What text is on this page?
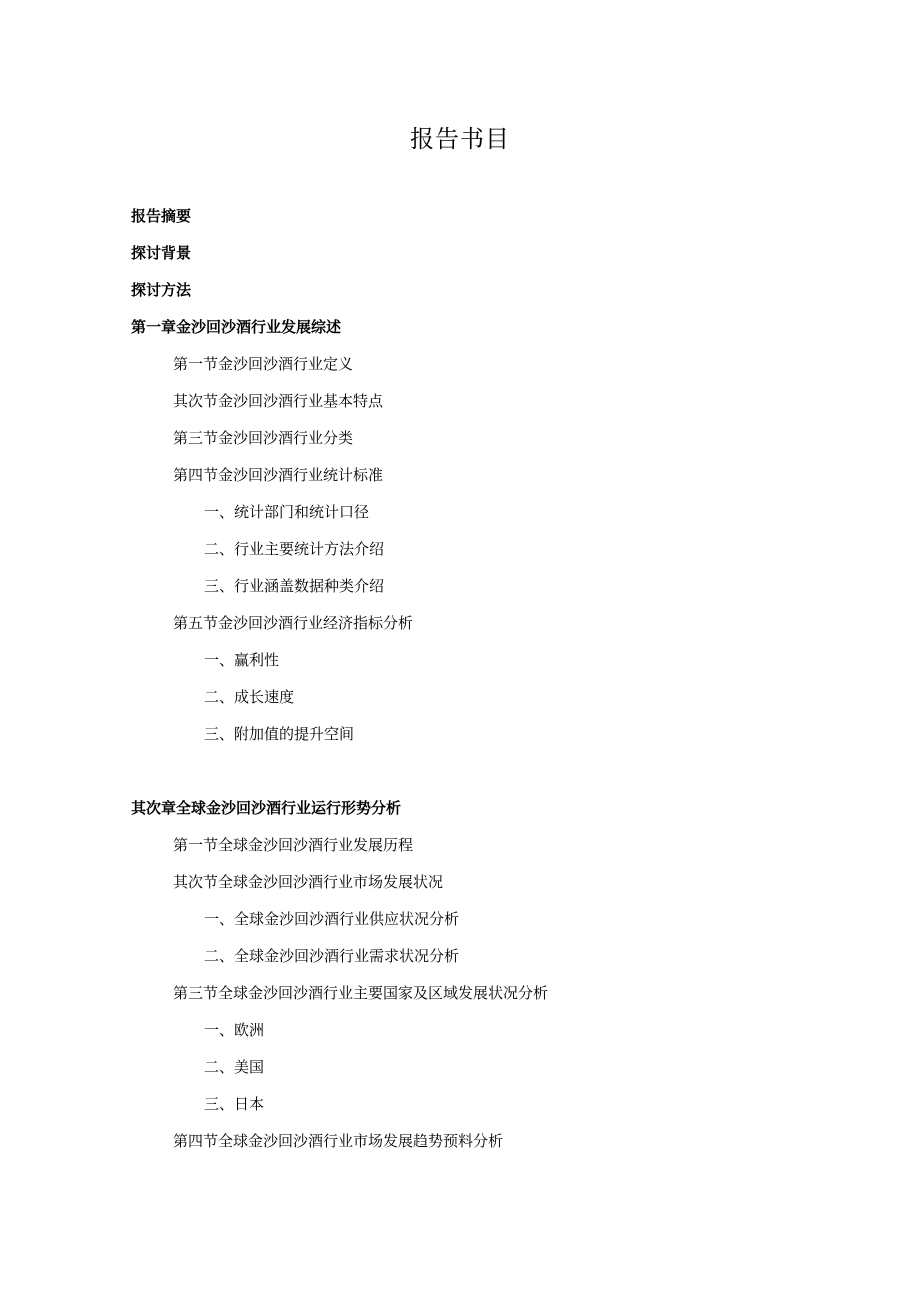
报告书目
报告摘要
探讨背景
探讨方法
第一章金沙回沙酒行业发展综述
第一节金沙回沙酒行业定义
其次节金沙回沙酒行业基本特点
第三节金沙回沙酒行业分类
第四节金沙回沙酒行业统计标准
一、统计部门和统计口径
二、行业主要统计方法介绍
三、行业涵盖数据种类介绍
第五节金沙回沙酒行业经济指标分析
一、赢利性
二、成长速度
三、附加值的提升空间
其次章全球金沙回沙酒行业运行形势分析
第一节全球金沙回沙酒行业发展历程
其次节全球金沙回沙酒行业市场发展状况
一、全球金沙回沙酒行业供应状况分析
二、全球金沙回沙酒行业需求状况分析
第三节全球金沙回沙酒行业主要国家及区域发展状况分析
一、欧洲
二、美国
三、日本
第四节全球金沙回沙酒行业市场发展趋势预料分析
